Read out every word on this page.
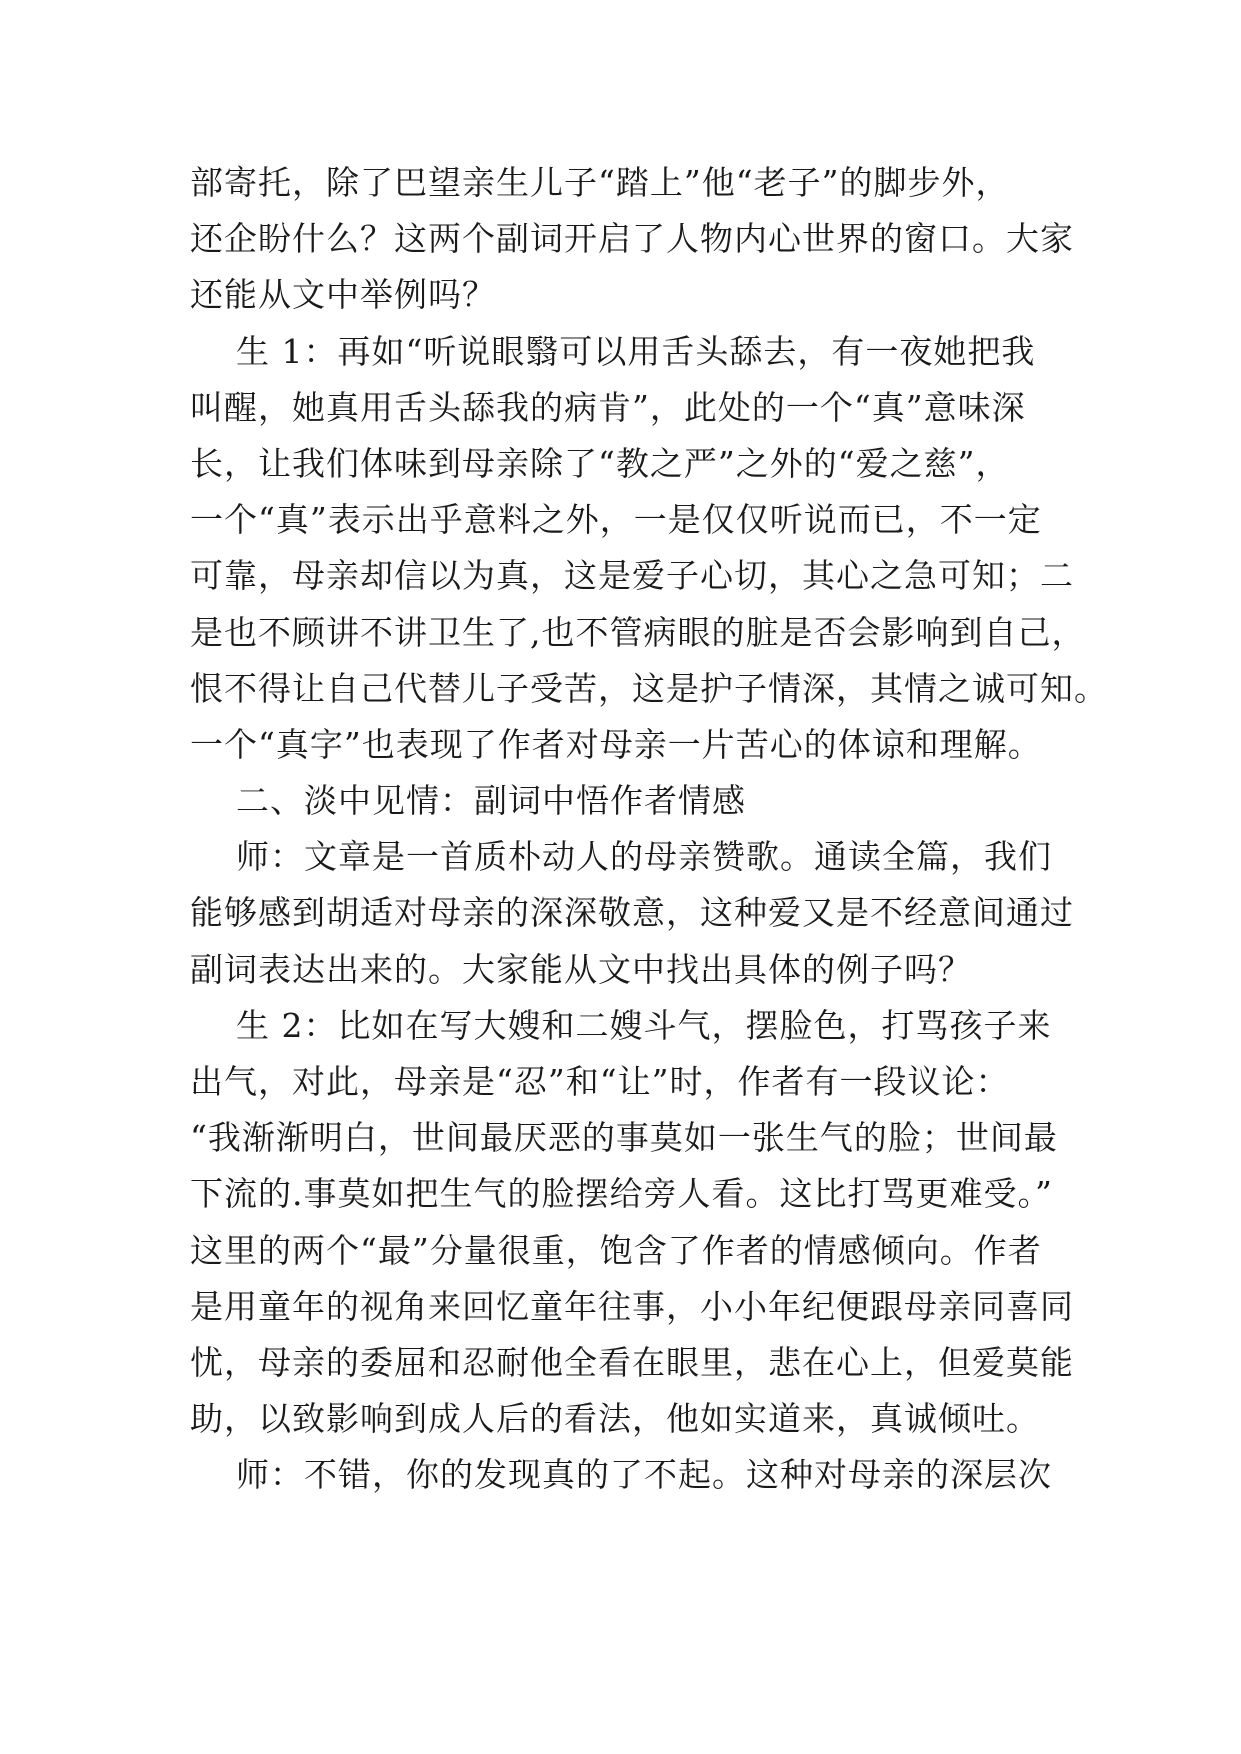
部寄托，除了巴望亲生儿子“踏上”他“老子”的脚步外，
还企盼什么？这两个副词开启了人物内心世界的窗口。大家
还能从文中举例吗？
生 1：再如“听说眼翳可以用舌头舔去，有一夜她把我
叫醒，她真用舌头舔我的病肯”，此处的一个“真”意味深
长，让我们体味到母亲除了“教之严”之外的“爱之慈”，
一个“真”表示出乎意料之外，一是仅仅听说而已，不一定
可靠，母亲却信以为真，这是爱子心切，其心之急可知；二
是也不顾讲不讲卫生了,也不管病眼的脏是否会影响到自己，
恨不得让自己代替儿子受苦，这是护子情深，其情之诚可知。
一个“真字”也表现了作者对母亲一片苦心的体谅和理解。
二、淡中见情：副词中悟作者情感
师：文章是一首质朴动人的母亲赞歌。通读全篇，我们
能够感到胡适对母亲的深深敬意，这种爱又是不经意间通过
副词表达出来的。大家能从文中找出具体的例子吗？
生 2：比如在写大嫂和二嫂斗气，摆脸色，打骂孩子来
出气，对此，母亲是“忍”和“让”时，作者有一段议论：
“我渐渐明白，世间最厌恶的事莫如一张生气的脸；世间最
下流的.事莫如把生气的脸摆给旁人看。这比打骂更难受。”
这里的两个“最”分量很重，饱含了作者的情感倾向。作者
是用童年的视角来回忆童年往事，小小年纪便跟母亲同喜同
忧，母亲的委屈和忍耐他全看在眼里，悲在心上，但爱莫能
助，以致影响到成人后的看法，他如实道来，真诚倾吐。
师：不错，你的发现真的了不起。这种对母亲的深层次
